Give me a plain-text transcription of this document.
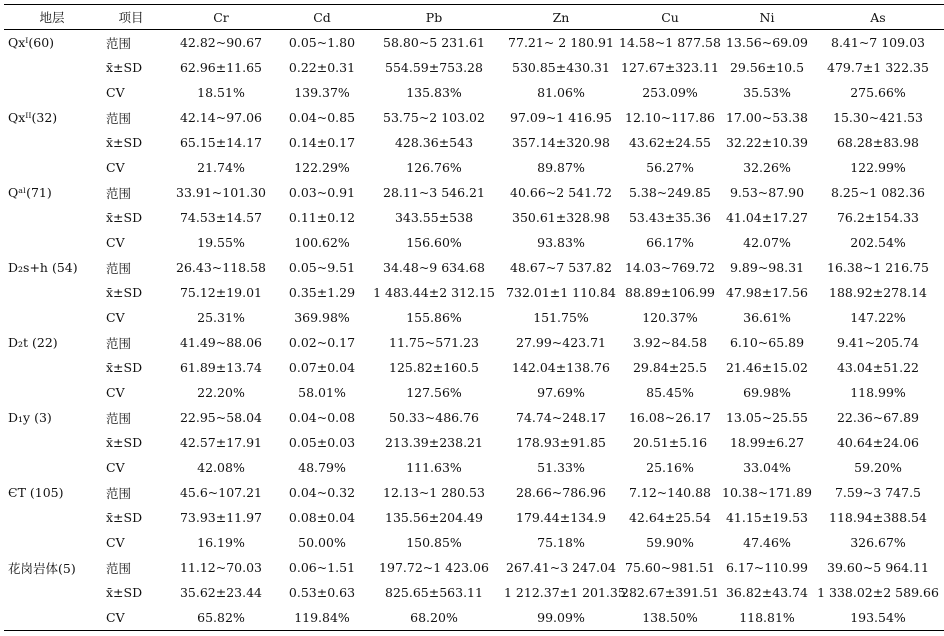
地层	项目	Cr	Cd	Pb	Zn	Cu	Ni	As
Qxᴵ(60)	范围	42.82~90.67	0.05~1.80	58.80~5 231.61	77.21~ 2 180.91	14.58~1 877.58	13.56~69.09	8.41~7 109.03
	x̄±SD	62.96±11.65	0.22±0.31	554.59±753.28	530.85±430.31	127.67±323.11	29.56±10.5	479.7±1 322.35
	CV	18.51%	139.37%	135.83%	81.06%	253.09%	35.53%	275.66%
Qxᴵᴵ(32)	范围	42.14~97.06	0.04~0.85	53.75~2 103.02	97.09~1 416.95	12.10~117.86	17.00~53.38	15.30~421.53
	x̄±SD	65.15±14.17	0.14±0.17	428.36±543	357.14±320.98	43.62±24.55	32.22±10.39	68.28±83.98
	CV	21.74%	122.29%	126.76%	89.87%	56.27%	32.26%	122.99%
Qᵃˡ(71)	范围	33.91~101.30	0.03~0.91	28.11~3 546.21	40.66~2 541.72	5.38~249.85	9.53~87.90	8.25~1 082.36
	x̄±SD	74.53±14.57	0.11±0.12	343.55±538	350.61±328.98	53.43±35.36	41.04±17.27	76.2±154.33
	CV	19.55%	100.62%	156.60%	93.83%	66.17%	42.07%	202.54%
D₂s+h (54)	范围	26.43~118.58	0.05~9.51	34.48~9 634.68	48.67~7 537.82	14.03~769.72	9.89~98.31	16.38~1 216.75
	x̄±SD	75.12±19.01	0.35±1.29	1 483.44±2 312.15	732.01±1 110.84	88.89±106.99	47.98±17.56	188.92±278.14
	CV	25.31%	369.98%	155.86%	151.75%	120.37%	36.61%	147.22%
D₂t (22)	范围	41.49~88.06	0.02~0.17	11.75~571.23	27.99~423.71	3.92~84.58	6.10~65.89	9.41~205.74
	x̄±SD	61.89±13.74	0.07±0.04	125.82±160.5	142.04±138.76	29.84±25.5	21.46±15.02	43.04±51.22
	CV	22.20%	58.01%	127.56%	97.69%	85.45%	69.98%	118.99%
D₁y (3)	范围	22.95~58.04	0.04~0.08	50.33~486.76	74.74~248.17	16.08~26.17	13.05~25.55	22.36~67.89
	x̄±SD	42.57±17.91	0.05±0.03	213.39±238.21	178.93±91.85	20.51±5.16	18.99±6.27	40.64±24.06
	CV	42.08%	48.79%	111.63%	51.33%	25.16%	33.04%	59.20%
ЄT (105)	范围	45.6~107.21	0.04~0.32	12.13~1 280.53	28.66~786.96	7.12~140.88	10.38~171.89	7.59~3 747.5
	x̄±SD	73.93±11.97	0.08±0.04	135.56±204.49	179.44±134.9	42.64±25.54	41.15±19.53	118.94±388.54
	CV	16.19%	50.00%	150.85%	75.18%	59.90%	47.46%	326.67%
花岗岩体(5)	范围	11.12~70.03	0.06~1.51	197.72~1 423.06	267.41~3 247.04	75.60~981.51	6.17~110.99	39.60~5 964.11
	x̄±SD	35.62±23.44	0.53±0.63	825.65±563.11	1 212.37±1 201.35	282.67±391.51	36.82±43.74	1 338.02±2 589.66
	CV	65.82%	119.84%	68.20%	99.09%	138.50%	118.81%	193.54%
